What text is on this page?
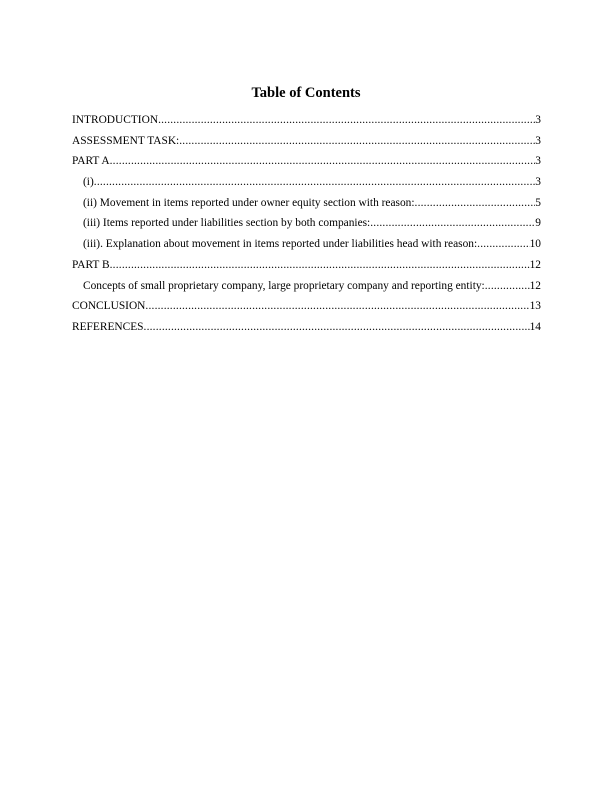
Table of Contents
INTRODUCTION .....	3
ASSESSMENT TASK: .....	3
PART A .....	3
(i) .....	3
(ii) Movement in items reported under owner equity section with reason: .....	5
(iii) Items reported under liabilities section by both companies: .....	9
(iii). Explanation about movement in items reported under liabilities head with reason: .....	10
PART B .....	12
Concepts of small proprietary company, large proprietary company and reporting entity: .....	12
CONCLUSION .....	13
REFERENCES .....	14
